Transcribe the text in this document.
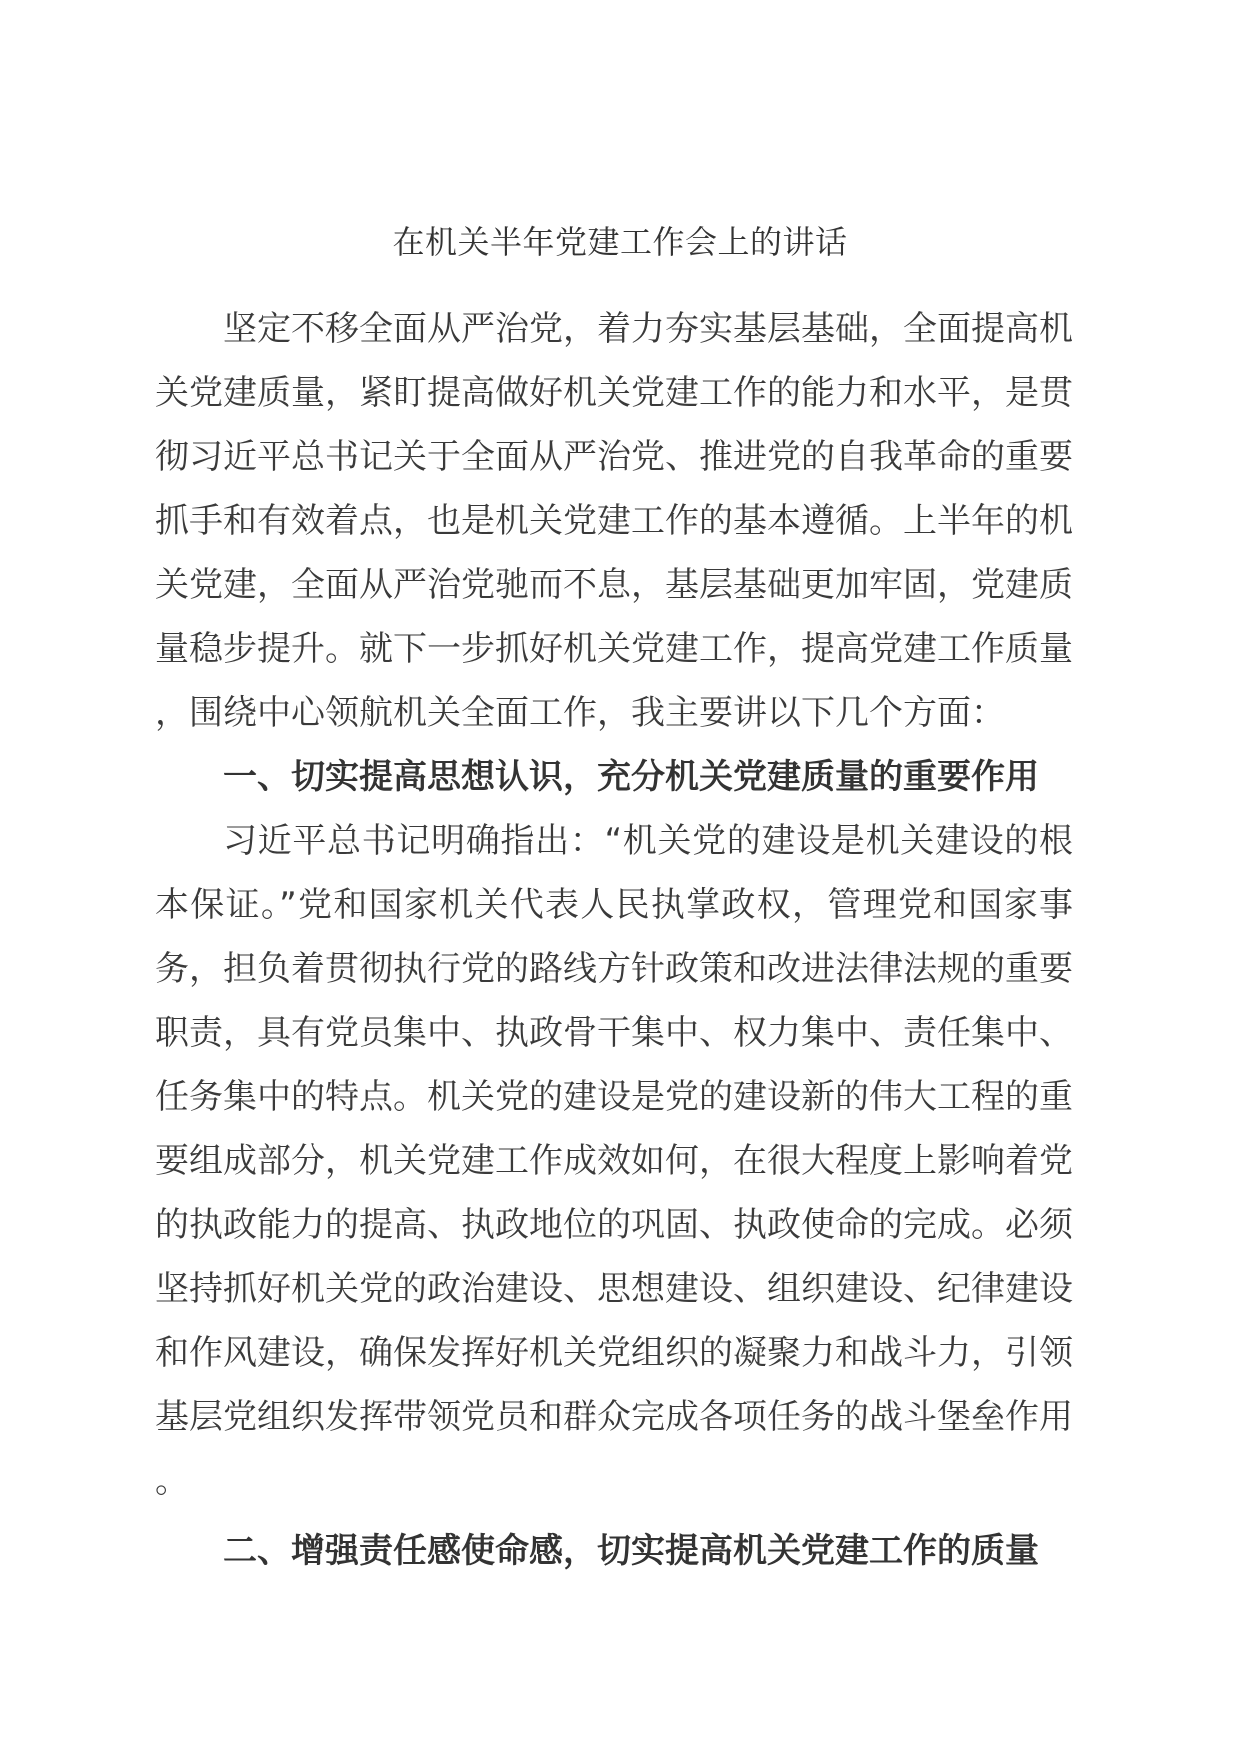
在机关半年党建工作会上的讲话

坚定不移全面从严治党，着力夯实基层基础，全面提高机关党建质量，紧盯提高做好机关党建工作的能力和水平，是贯彻习近平总书记关于全面从严治党、推进党的自我革命的重要抓手和有效着点，也是机关党建工作的基本遵循。上半年的机关党建，全面从严治党驰而不息，基层基础更加牢固，党建质量稳步提升。就下一步抓好机关党建工作，提高党建工作质量，围绕中心领航机关全面工作，我主要讲以下几个方面：

一、切实提高思想认识，充分机关党建质量的重要作用

习近平总书记明确指出：“机关党的建设是机关建设的根本保证。”党和国家机关代表人民执掌政权，管理党和国家事务，担负着贯彻执行党的路线方针政策和改进法律法规的重要职责，具有党员集中、执政骨干集中、权力集中、责任集中、任务集中的特点。机关党的建设是党的建设新的伟大工程的重要组成部分，机关党建工作成效如何，在很大程度上影响着党的执政能力的提高、执政地位的巩固、执政使命的完成。必须坚持抓好机关党的政治建设、思想建设、组织建设、纪律建设和作风建设，确保发挥好机关党组织的凝聚力和战斗力，引领基层党组织发挥带领党员和群众完成各项任务的战斗堡垒作用。

二、增强责任感使命感，切实提高机关党建工作的质量
